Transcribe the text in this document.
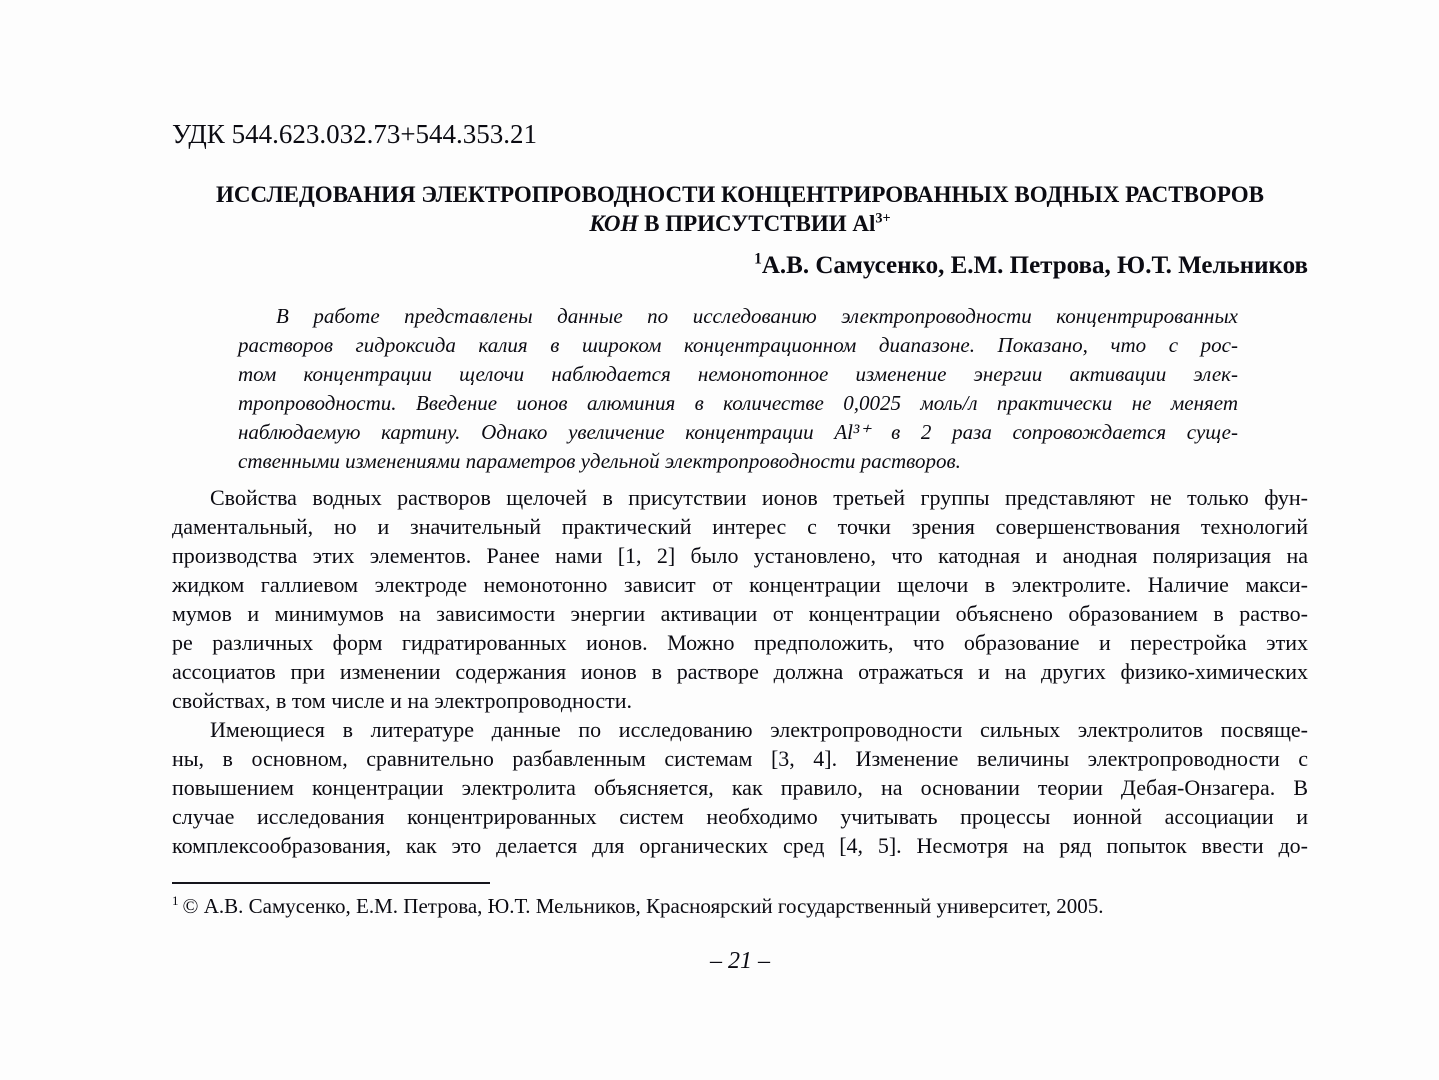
УДК 544.623.032.73+544.353.21
ИССЛЕДОВАНИЯ ЭЛЕКТРОПРОВОДНОСТИ КОНЦЕНТРИРОВАННЫХ ВОДНЫХ РАСТВОРОВ
КОН В ПРИСУТСТВИИ $Al^{3+}$
$^1$А.В. Самусенко, Е.М. Петрова, Ю.Т. Мельников
В работе представлены данные по исследованию электропроводности концентрированных
растворов гидроксида калия в широком концентрационном диапазоне. Показано, что с рос-
том концентрации щелочи наблюдается немонотонное изменение энергии активации элек-
тропроводности. Введение ионов алюминия в количестве 0,0025 моль/л практически не меняет
наблюдаемую картину. Однако увеличение концентрации Al³⁺ в 2 раза сопровождается суще-
ственными изменениями параметров удельной электропроводности растворов.
Свойства водных растворов щелочей в присутствии ионов третьей группы представляют не только фун-
даментальный, но и значительный практический интерес с точки зрения совершенствования технологий
производства этих элементов. Ранее нами [1, 2] было установлено, что катодная и анодная поляризация на
жидком галлиевом электроде немонотонно зависит от концентрации щелочи в электролите. Наличие макси-
мумов и минимумов на зависимости энергии активации от концентрации объяснено образованием в раство-
ре различных форм гидратированных ионов. Можно предположить, что образование и перестройка этих
ассоциатов при изменении содержания ионов в растворе должна отражаться и на других физико-химических
свойствах, в том числе и на электропроводности.
Имеющиеся в литературе данные по исследованию электропроводности сильных электролитов посвяще-
ны, в основном, сравнительно разбавленным системам [3, 4]. Изменение величины электропроводности с
повышением концентрации электролита объясняется, как правило, на основании теории Дебая-Онзагера. В
случае исследования концентрированных систем необходимо учитывать процессы ионной ассоциации и
комплексообразования, как это делается для органических сред [4, 5]. Несмотря на ряд попыток ввести до-
$^1$ © А.В. Самусенко, Е.М. Петрова, Ю.Т. Мельников, Красноярский государственный университет, 2005.
– 21 –
